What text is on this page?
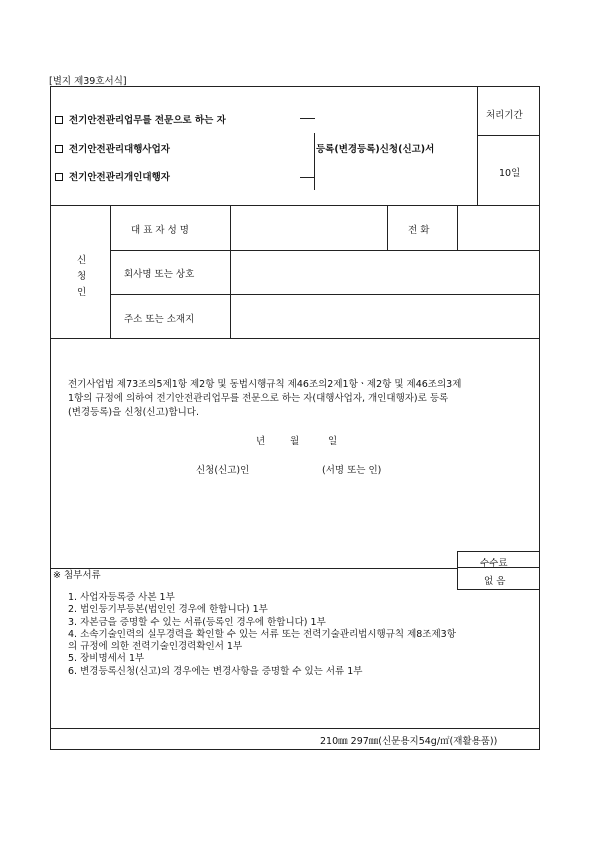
[별지 제39호서식]
전기안전관리업무를 전문으로 하는 자
전기안전관리대행사업자
전기안전관리개인대행자
등록(변경등록)신청(신고)서
처리기간
10일
신
청
인
대 표 자 성 명	전 화
회사명 또는 상호
주소 또는 소재지
전기사업법 제73조의5제1항 제2항 및 동법시행규칙 제46조의2제1항ㆍ제2항 및 제46조의3제
1항의 규정에 의하여 전기안전관리업무를 전문으로 하는 자(대행사업자, 개인대행자)로 등록
(변경등록)을 신청(신고)합니다.
년	월	일
신청(신고)인	(서명 또는 인)
수수료
없 음
※ 첨부서류
1. 사업자등록증 사본 1부
2. 법인등기부등본(법인인 경우에 한합니다) 1부
3. 자본금을 증명할 수 있는 서류(등록인 경우에 한합니다) 1부
4. 소속기술인력의 실무경력을 확인할 수 있는 서류 또는 전력기술관리법시행규칙 제8조제3항
의 규정에 의한 전력기술인경력확인서 1부
5. 장비명세서 1부
6. 변경등록신청(신고)의 경우에는 변경사항을 증명할 수 있는 서류 1부
210㎜ 297㎜(신문용지54g/㎡(재활용품))
